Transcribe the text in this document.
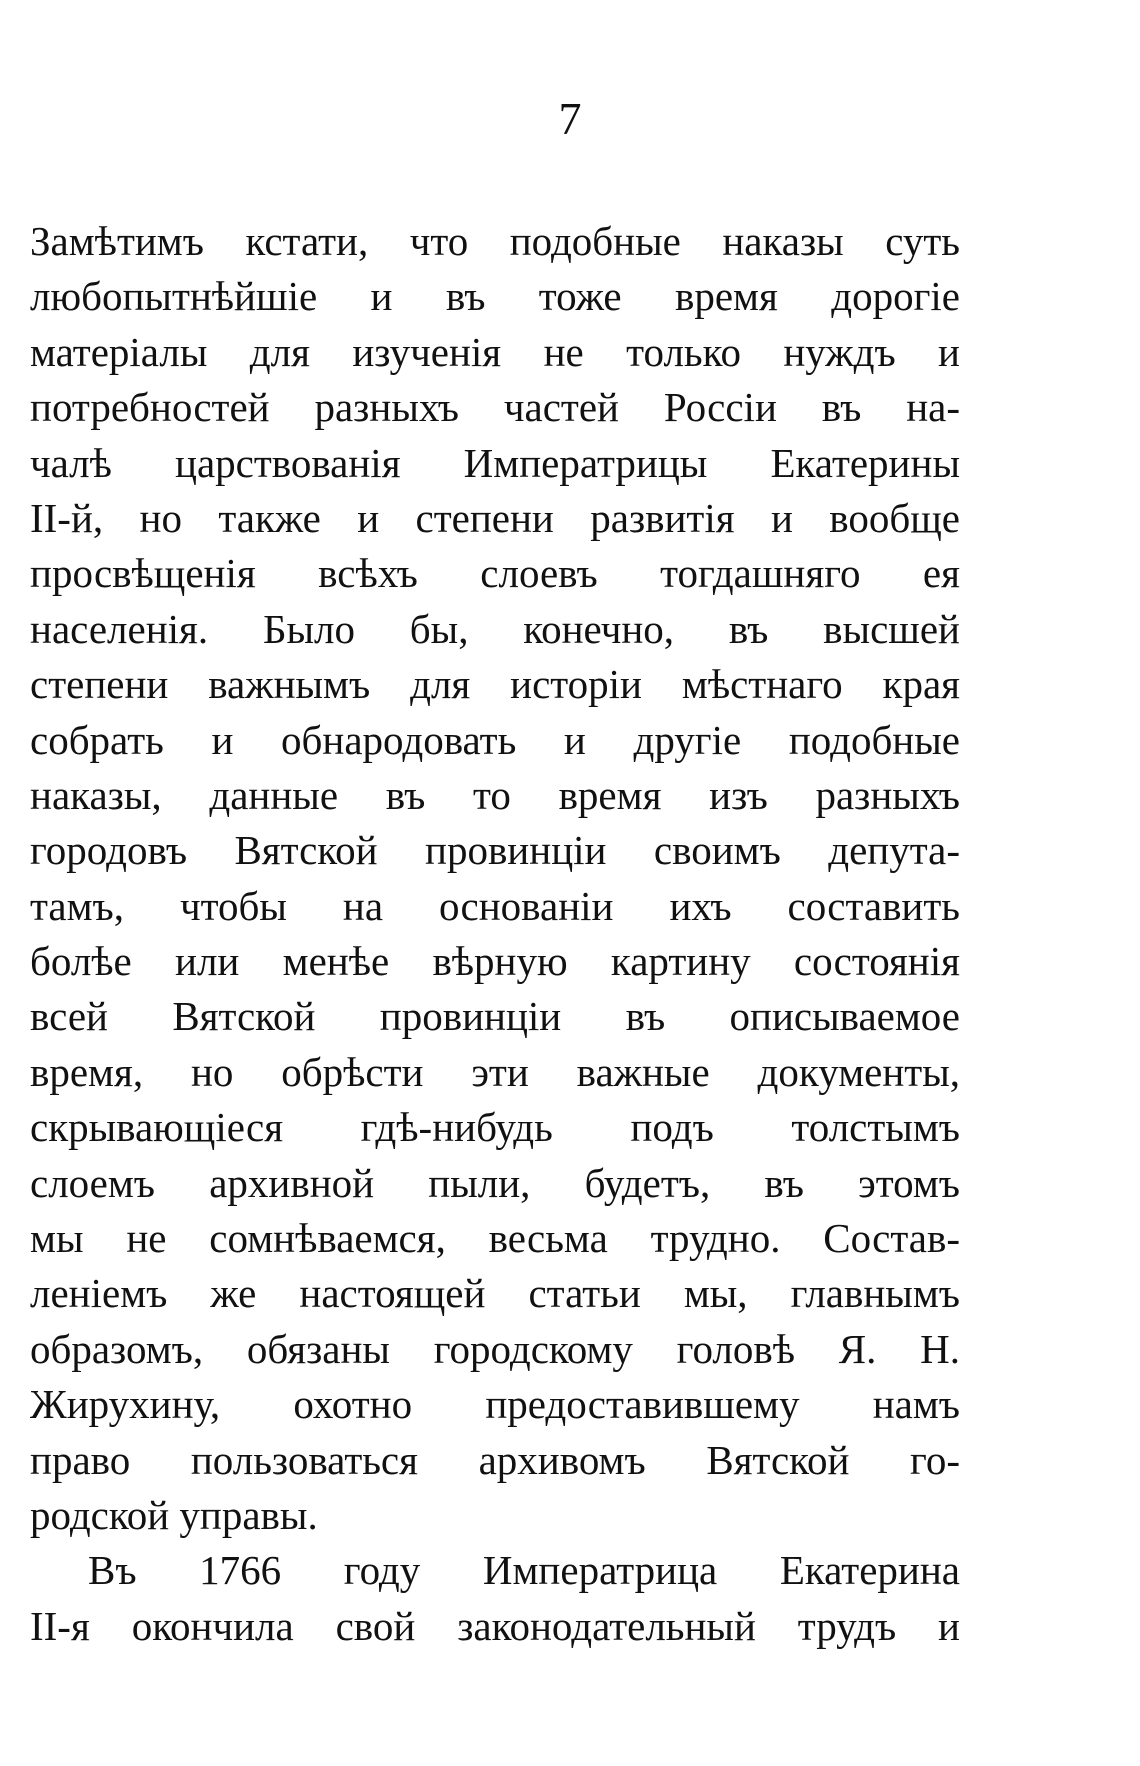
7
Замѣтимъ кстати, что подобные наказы суть
любопытнѣйшіе и въ тоже время дорогіе
матеріалы для изученія не только нуждъ и
потребностей разныхъ частей Россіи въ на-
чалѣ царствованія Императрицы Екатерины
II-й, но также и степени развитія и вообще
просвѣщенія всѣхъ слоевъ тогдашняго ея
населенія. Было бы, конечно, въ высшей
степени важнымъ для исторіи мѣстнаго края
собрать и обнародовать и другіе подобные
наказы, данные въ то время изъ разныхъ
городовъ Вятской провинціи своимъ депута-
тамъ, чтобы на основаніи ихъ составить
болѣе или менѣе вѣрную картину состоянія
всей Вятской провинціи въ описываемое
время, но обрѣсти эти важные документы,
скрывающіеся гдѣ-нибудь подъ толстымъ
слоемъ архивной пыли, будетъ, въ этомъ
мы не сомнѣваемся, весьма трудно. Состав-
леніемъ же настоящей статьи мы, главнымъ
образомъ, обязаны городскому головѣ Я. Н.
Жирухину, охотно предоставившему намъ
право пользоваться архивомъ Вятской го-
родской управы.
Въ 1766 году Императрица Екатерина
II-я окончила свой законодательный трудъ и
